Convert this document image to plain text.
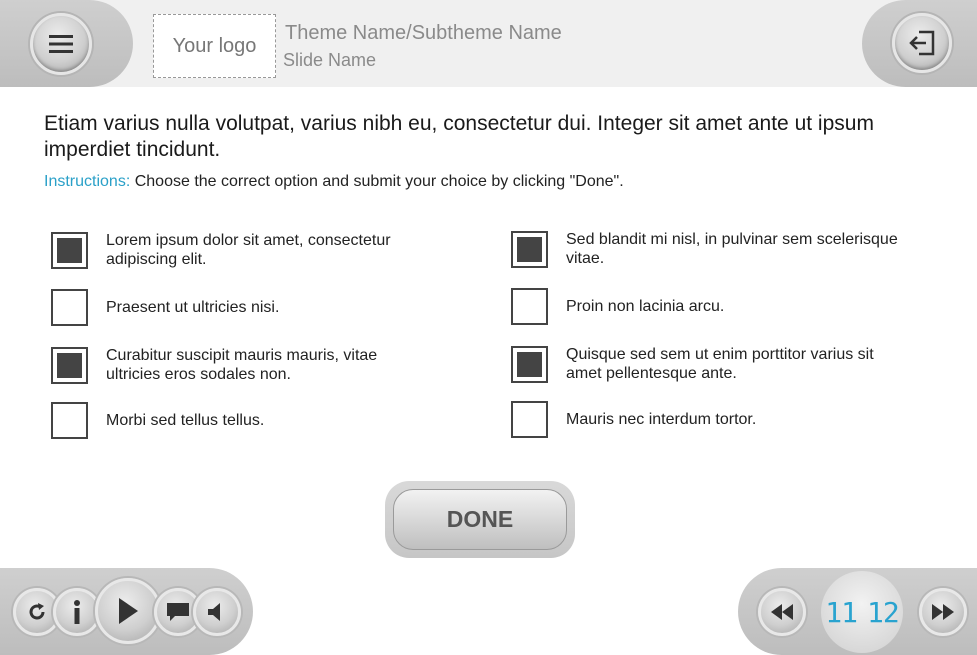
Your logo
Theme Name/Subtheme Name
Slide Name
Etiam varius nulla volutpat, varius nibh eu, consectetur dui. Integer sit amet ante ut ipsum imperdiet tincidunt.
Instructions: Choose the correct option and submit your choice by clicking "Done".
Lorem ipsum dolor sit amet, consectetur adipiscing elit.
Praesent ut ultricies nisi.
Curabitur suscipit mauris mauris, vitae ultricies eros sodales non.
Morbi sed tellus tellus.
Sed blandit mi nisl, in pulvinar sem scelerisque vitae.
Proin non lacinia arcu.
Quisque sed sem ut enim porttitor varius sit amet pellentesque ante.
Mauris nec interdum tortor.
DONE
11 12
